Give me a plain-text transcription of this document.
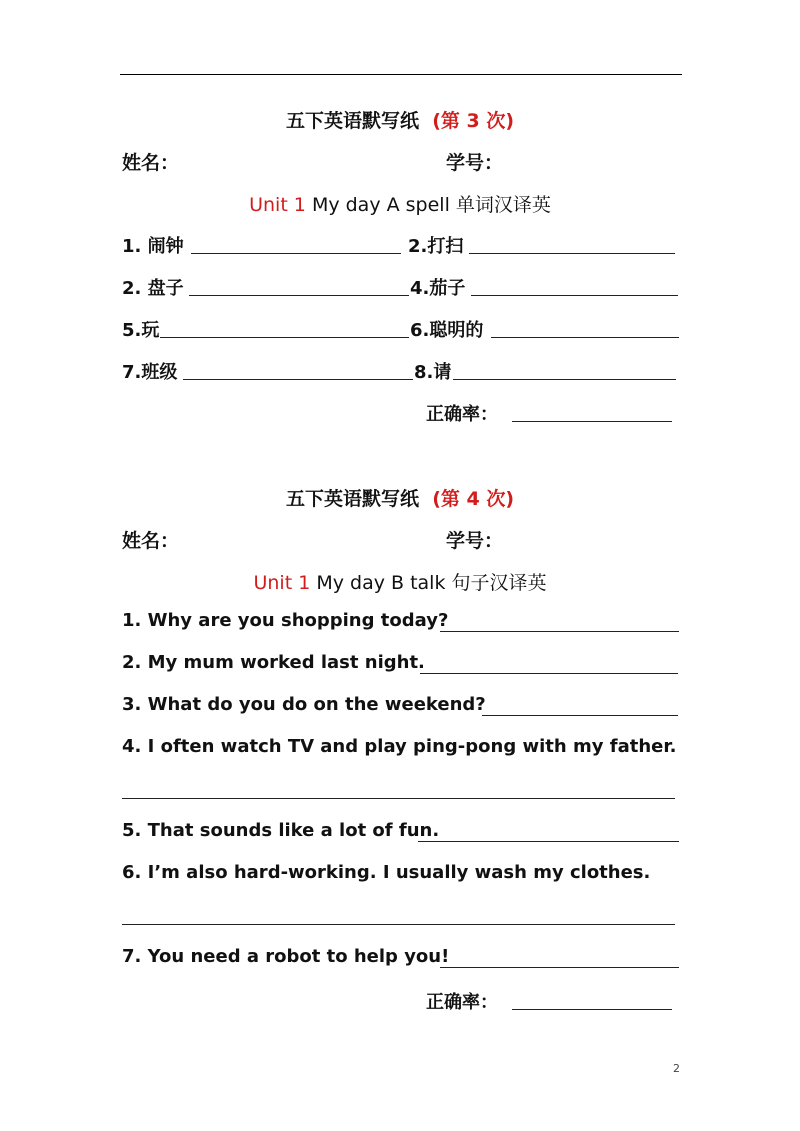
五下英语默写纸 (第 3 次)
姓名：	学号：
Unit 1 My day A spell 单词汉译英
1. 闹钟	2.打扫
2. 盘子	4.茄子
5.玩	6.聪明的
7.班级	8.请
正确率：
五下英语默写纸 (第 4 次)
姓名：	学号：
Unit 1 My day B talk 句子汉译英
1. Why are you shopping today?
2. My mum worked last night.
3. What do you do on the weekend?
4. I often watch TV and play ping-pong with my father.
5. That sounds like a lot of fun.
6. I’m also hard-working. I usually wash my clothes.
7. You need a robot to help you!
正确率：
2
